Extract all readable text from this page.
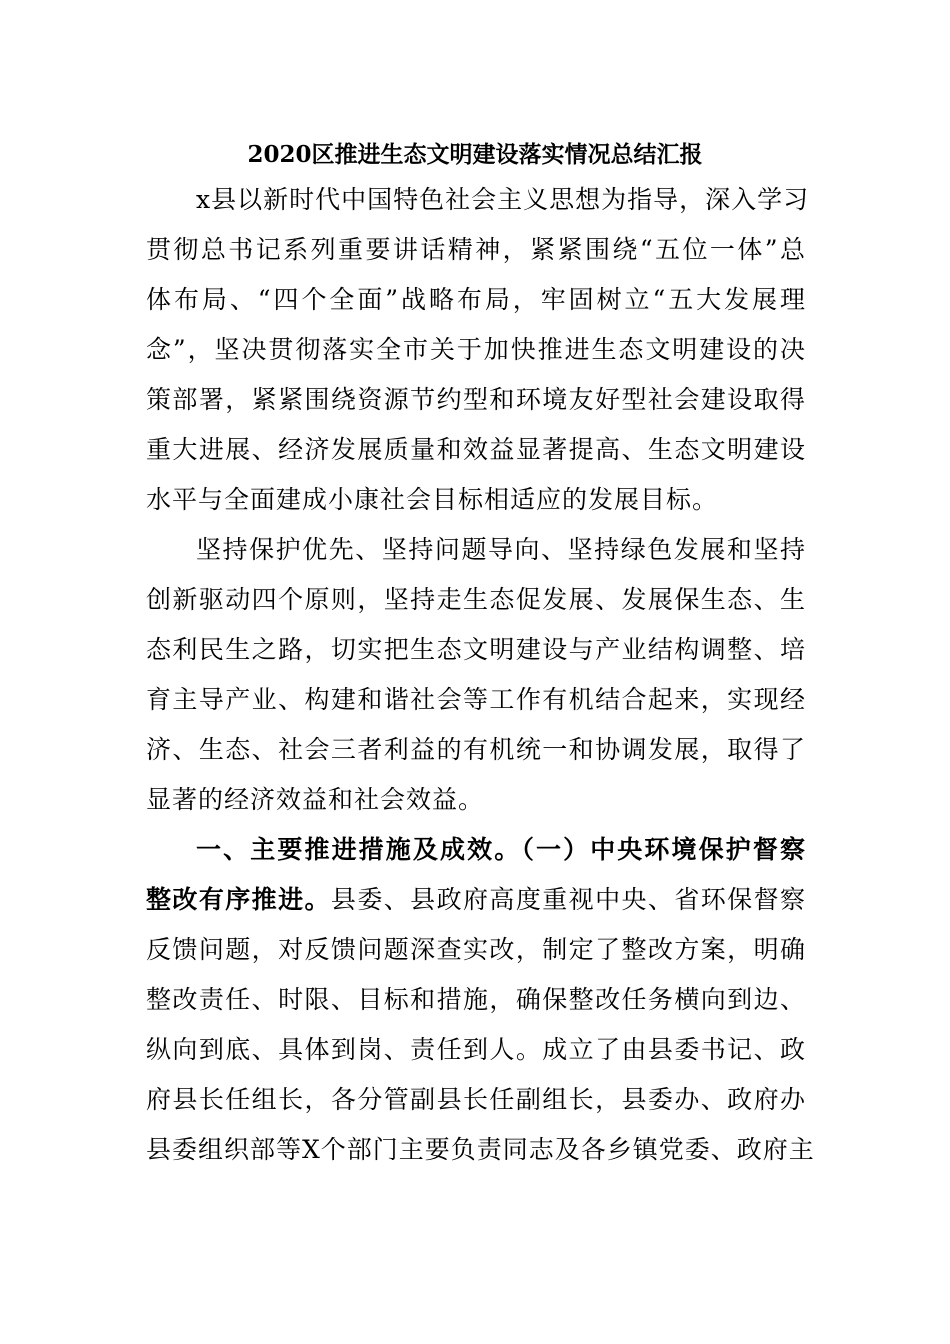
2020区推进生态文明建设落实情况总结汇报
x县以新时代中国特色社会主义思想为指导，深入学习
贯彻总书记系列重要讲话精神，紧紧围绕“五位一体”总
体布局、“四个全面”战略布局，牢固树立“五大发展理
念”，坚决贯彻落实全市关于加快推进生态文明建设的决
策部署，紧紧围绕资源节约型和环境友好型社会建设取得
重大进展、经济发展质量和效益显著提高、生态文明建设
水平与全面建成小康社会目标相适应的发展目标。
坚持保护优先、坚持问题导向、坚持绿色发展和坚持
创新驱动四个原则，坚持走生态促发展、发展保生态、生
态利民生之路，切实把生态文明建设与产业结构调整、培
育主导产业、构建和谐社会等工作有机结合起来，实现经
济、生态、社会三者利益的有机统一和协调发展，取得了
显著的经济效益和社会效益。
一、主要推进措施及成效。（一）中央环境保护督察
整改有序推进。县委、县政府高度重视中央、省环保督察
反馈问题，对反馈问题深查实改，制定了整改方案，明确
整改责任、时限、目标和措施，确保整改任务横向到边、
纵向到底、具体到岗、责任到人。成立了由县委书记、政
府县长任组长，各分管副县长任副组长，县委办、政府办
县委组织部等X个部门主要负责同志及各乡镇党委、政府主
